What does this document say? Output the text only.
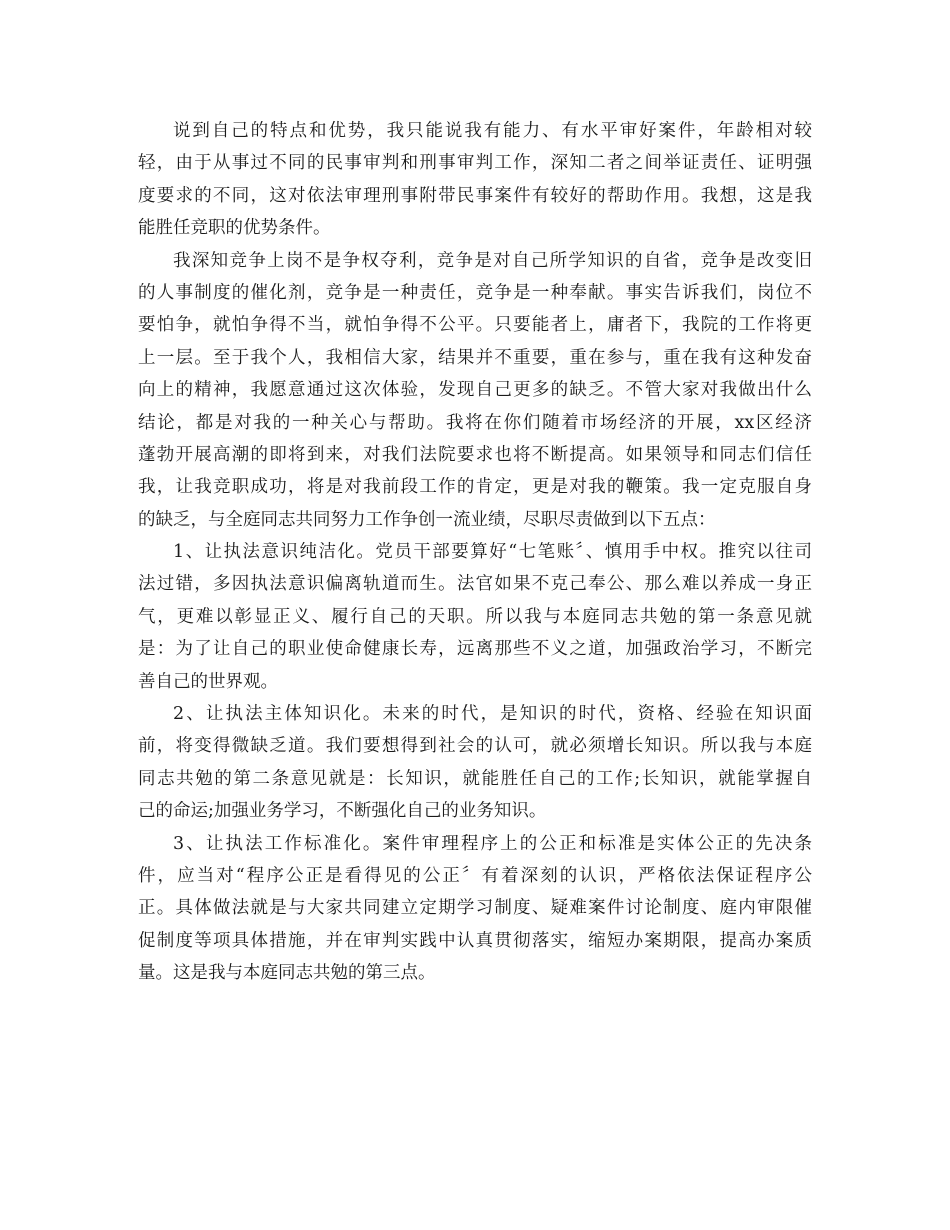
说到自己的特点和优势，我只能说我有能力、有水平审好案件，年龄相对较
轻，由于从事过不同的民事审判和刑事审判工作，深知二者之间举证责任、证明强
度要求的不同，这对依法审理刑事附带民事案件有较好的帮助作用。我想，这是我
能胜任竞职的优势条件。

我深知竞争上岗不是争权夺利，竞争是对自己所学知识的自省，竞争是改变旧
的人事制度的催化剂，竞争是一种责任，竞争是一种奉献。事实告诉我们，岗位不
要怕争，就怕争得不当，就怕争得不公平。只要能者上，庸者下，我院的工作将更
上一层。至于我个人，我相信大家，结果并不重要，重在参与，重在我有这种发奋
向上的精神，我愿意通过这次体验，发现自己更多的缺乏。不管大家对我做出什么
结论，都是对我的一种关心与帮助。我将在你们随着市场经济的开展，xx区经济
蓬勃开展高潮的即将到来，对我们法院要求也将不断提高。如果领导和同志们信任
我，让我竞职成功，将是对我前段工作的肯定，更是对我的鞭策。我一定克服自身
的缺乏，与全庭同志共同努力工作争创一流业绩，尽职尽责做到以下五点：

1、让执法意识纯洁化。党员干部要算好“七笔账〞、慎用手中权。推究以往司
法过错，多因执法意识偏离轨道而生。法官如果不克己奉公、那么难以养成一身正
气，更难以彰显正义、履行自己的天职。所以我与本庭同志共勉的第一条意见就
是：为了让自己的职业使命健康长寿，远离那些不义之道，加强政治学习，不断完
善自己的世界观。

2、让执法主体知识化。未来的时代，是知识的时代，资格、经验在知识面
前，将变得微缺乏道。我们要想得到社会的认可，就必须增长知识。所以我与本庭
同志共勉的第二条意见就是：长知识，就能胜任自己的工作;长知识，就能掌握自
己的命运;加强业务学习，不断强化自己的业务知识。

3、让执法工作标准化。案件审理程序上的公正和标准是实体公正的先决条
件，应当对“程序公正是看得见的公正〞有着深刻的认识，严格依法保证程序公
正。具体做法就是与大家共同建立定期学习制度、疑难案件讨论制度、庭内审限催
促制度等项具体措施，并在审判实践中认真贯彻落实，缩短办案期限，提高办案质
量。这是我与本庭同志共勉的第三点。
